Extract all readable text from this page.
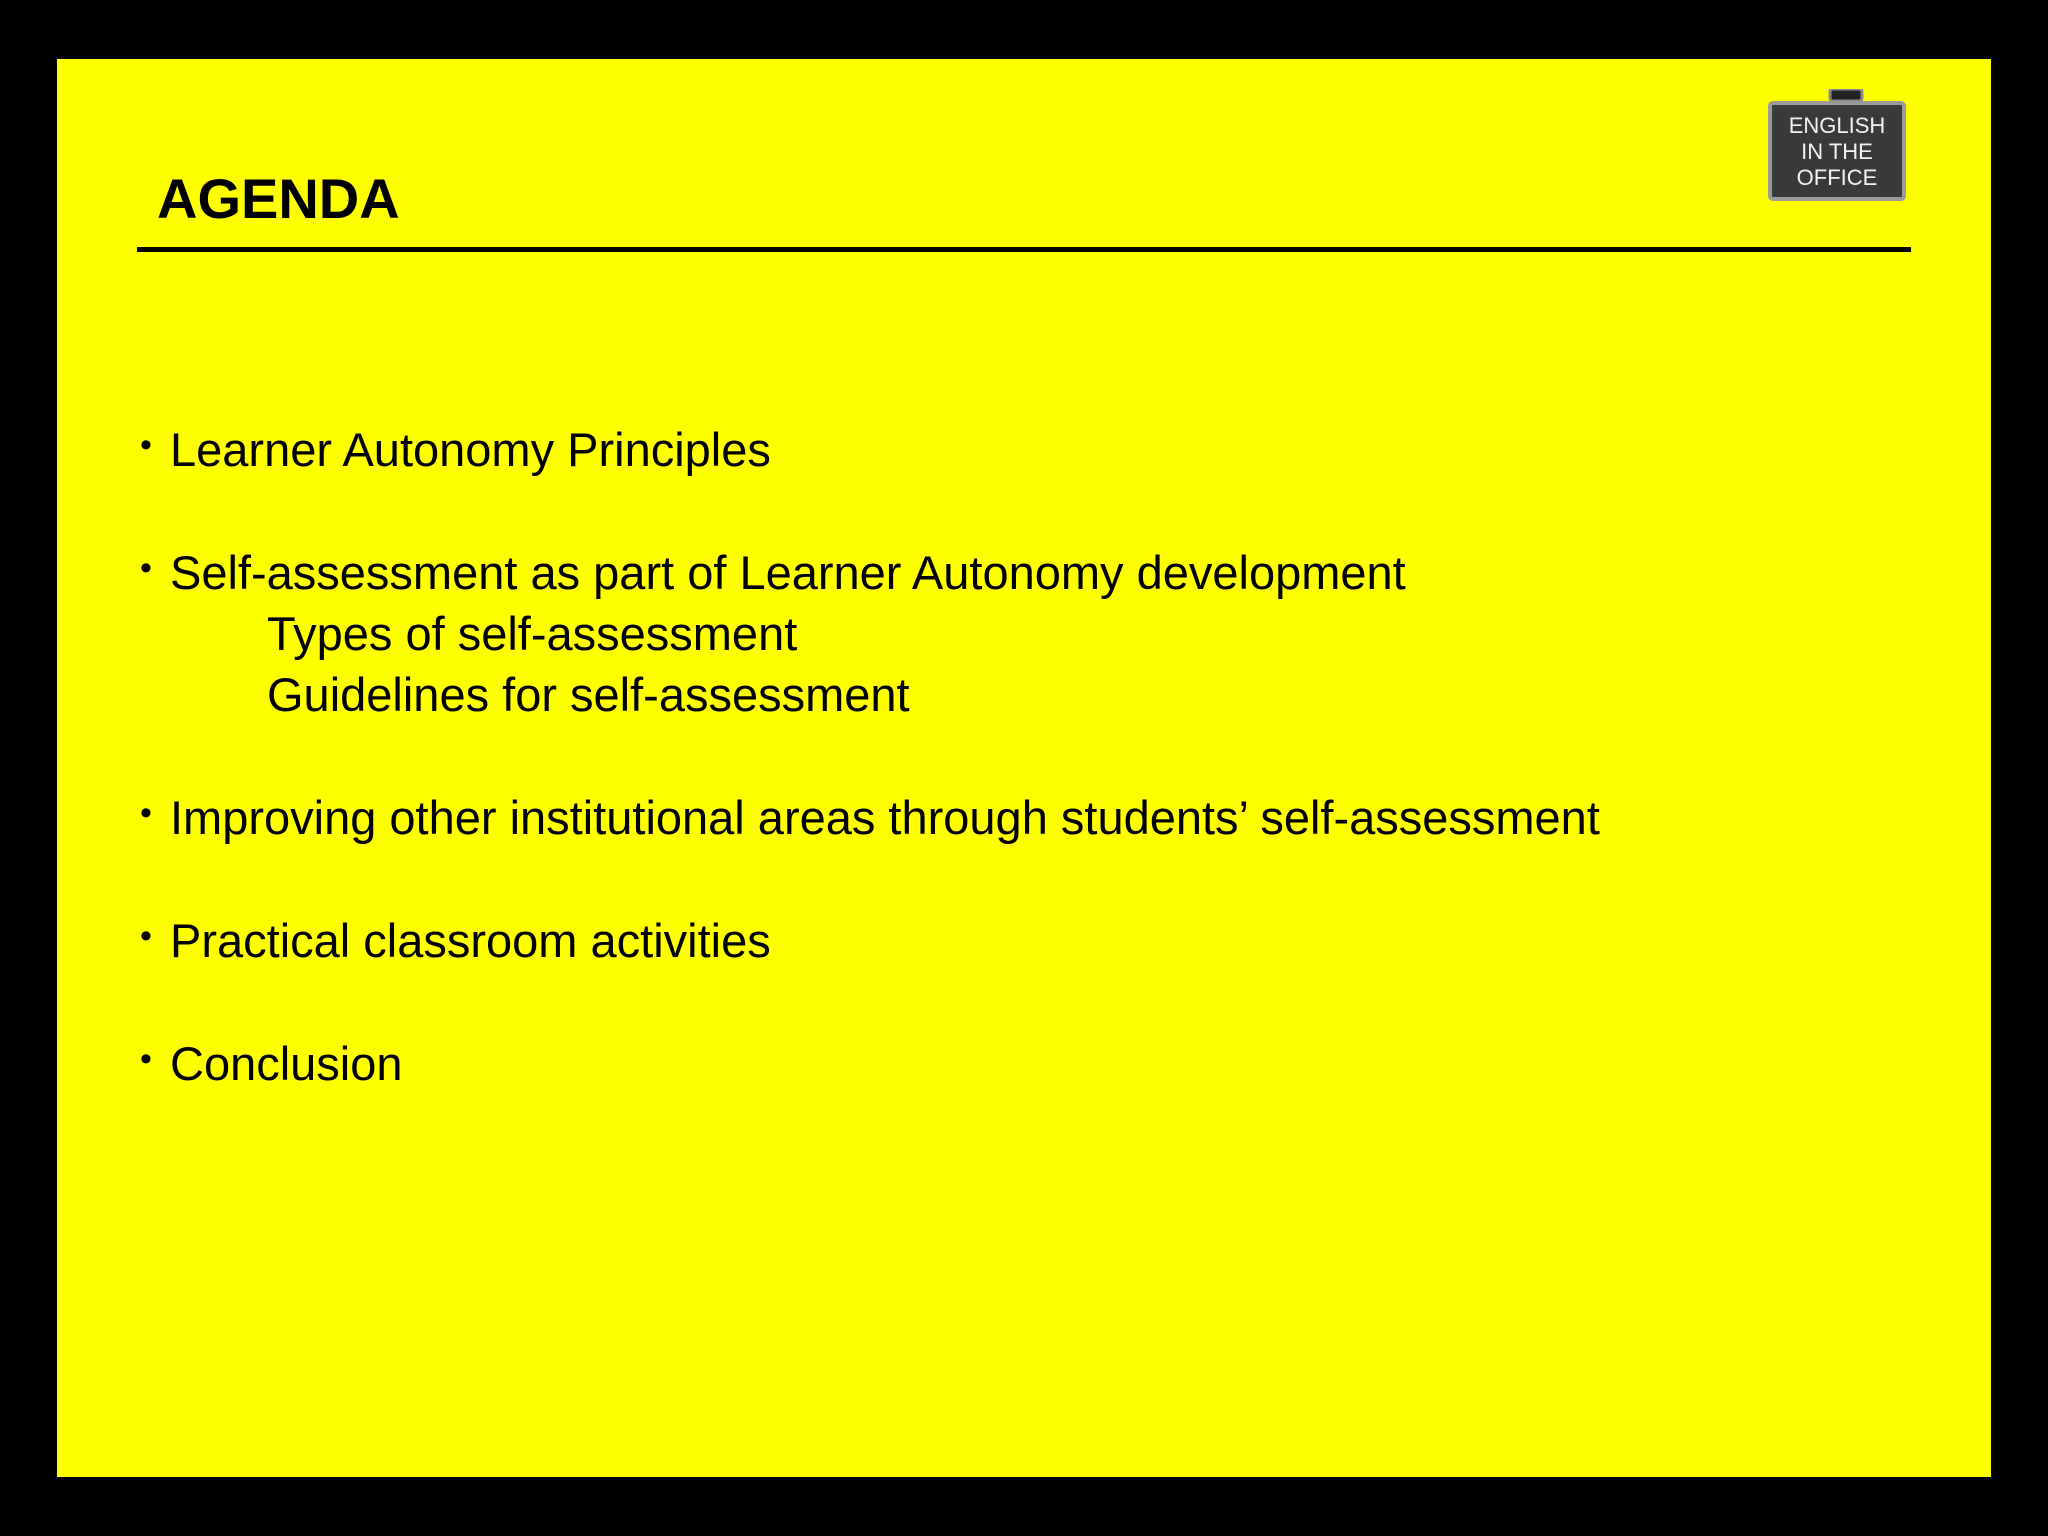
AGENDA
ENGLISH
IN THE
OFFICE
• Learner Autonomy Principles
• Self-assessment as part of Learner Autonomy development
Types of self-assessment
Guidelines for self-assessment
• Improving other institutional areas through students’ self-assessment
• Practical classroom activities
• Conclusion
